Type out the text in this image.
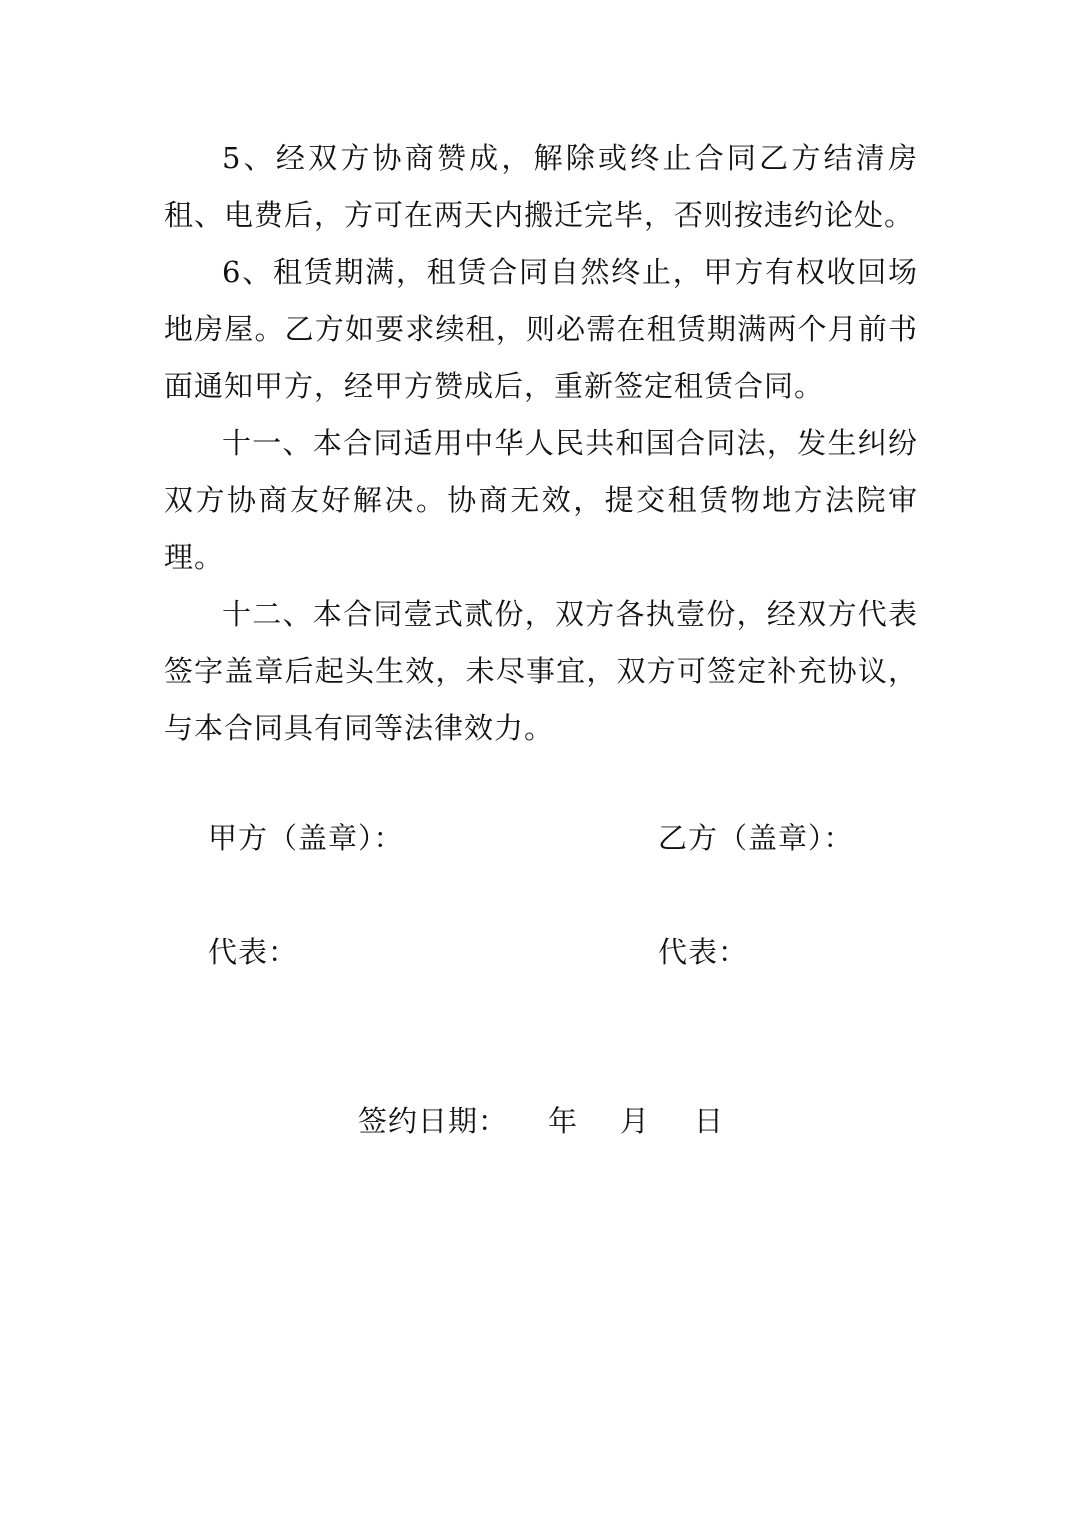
5、经双方协商赞成，解除或终止合同乙方结清房租、电费后，方可在两天内搬迁完毕，否则按违约论处。

6、租赁期满，租赁合同自然终止，甲方有权收回场地房屋。乙方如要求续租，则必需在租赁期满两个月前书面通知甲方，经甲方赞成后，重新签定租赁合同。

十一、本合同适用中华人民共和国合同法，发生纠纷双方协商友好解决。协商无效，提交租赁物地方法院审理。

十二、本合同壹式贰份，双方各执壹份，经双方代表签字盖章后起头生效，未尽事宜，双方可签定补充协议，与本合同具有同等法律效力。

甲方（盖章）：	乙方（盖章）：
代表：	代表：
签约日期： 年 月 日
